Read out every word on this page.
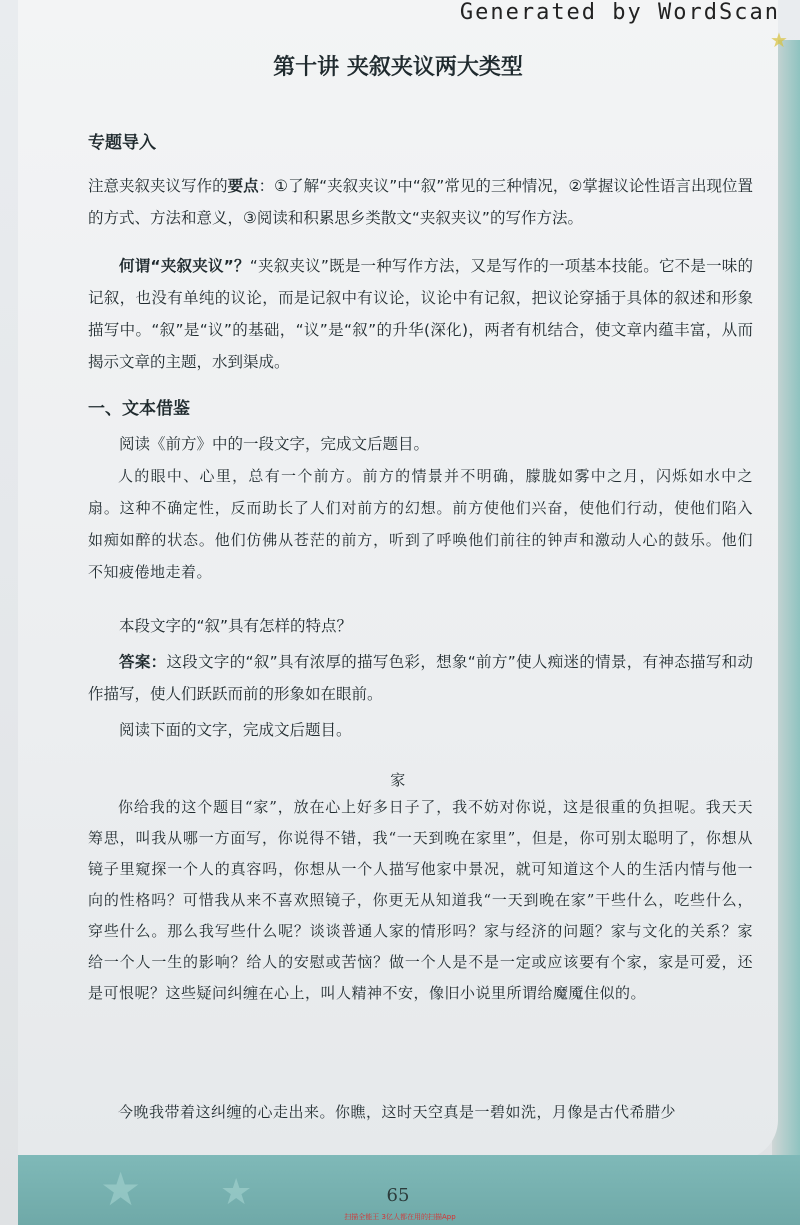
★ ★
★
Generated by WordScan
第十讲 夹叙夹议两大类型
专题导入
注意夹叙夹议写作的要点：①了解“夹叙夹议”中“叙”常见的三种情况，②掌握议论性语言出现位置的方式、方法和意义，③阅读和积累思乡类散文“夹叙夹议”的写作方法。
何谓“夹叙夹议”？“夹叙夹议”既是一种写作方法，又是写作的一项基本技能。它不是一味的记叙，也没有单纯的议论，而是记叙中有议论，议论中有记叙，把议论穿插于具体的叙述和形象描写中。“叙”是“议”的基础，“议”是“叙”的升华(深化)，两者有机结合，使文章内蕴丰富，从而揭示文章的主题，水到渠成。
一、文本借鉴
阅读《前方》中的一段文字，完成文后题目。
人的眼中、心里，总有一个前方。前方的情景并不明确，朦胧如雾中之月，闪烁如水中之扇。这种不确定性，反而助长了人们对前方的幻想。前方使他们兴奋，使他们行动，使他们陷入如痴如醉的状态。他们仿佛从苍茫的前方，听到了呼唤他们前往的钟声和激动人心的鼓乐。他们不知疲倦地走着。
本段文字的“叙”具有怎样的特点？
答案：这段文字的“叙”具有浓厚的描写色彩，想象“前方”使人痴迷的情景，有神态描写和动作描写，使人们跃跃而前的形象如在眼前。
阅读下面的文字，完成文后题目。
家
你给我的这个题目“家”，放在心上好多日子了，我不妨对你说，这是很重的负担呢。我天天筹思，叫我从哪一方面写，你说得不错，我“一天到晚在家里”，但是，你可别太聪明了，你想从镜子里窥探一个人的真容吗，你想从一个人描写他家中景况，就可知道这个人的生活内情与他一向的性格吗？可惜我从来不喜欢照镜子，你更无从知道我“一天到晚在家”干些什么，吃些什么，穿些什么。那么我写些什么呢？谈谈普通人家的情形吗？家与经济的问题？家与文化的关系？家给一个人一生的影响？给人的安慰或苦恼？做一个人是不是一定或应该要有个家，家是可爱，还是可恨呢？这些疑问纠缠在心上，叫人精神不安，像旧小说里所谓给魔魇住似的。
今晚我带着这纠缠的心走出来。你瞧，这时天空真是一碧如洗，月像是古代希腊少
65
扫描全能王 3亿人都在用的扫描App
